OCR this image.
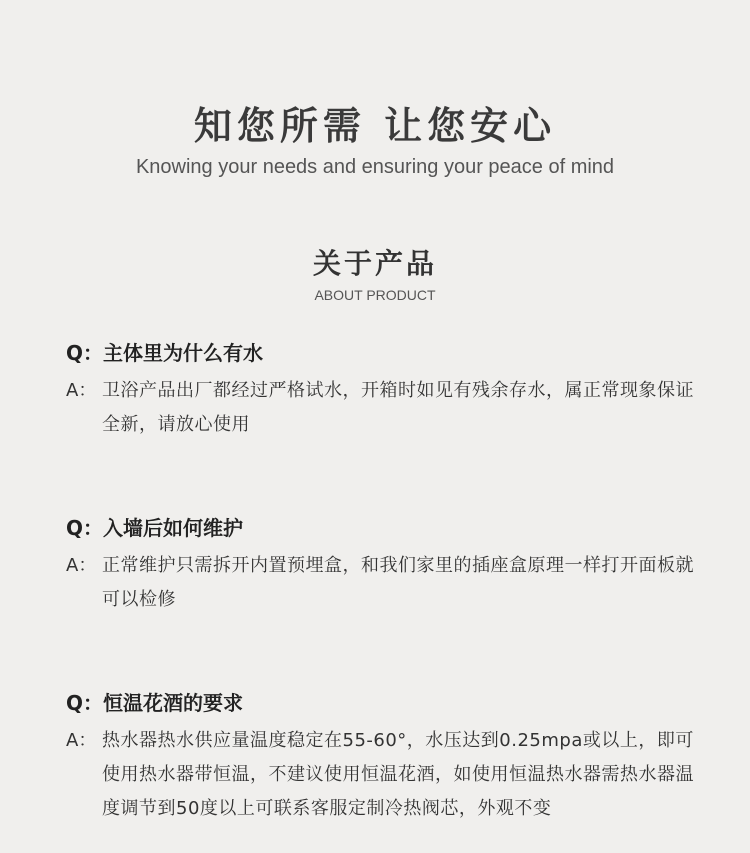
知您所需 让您安心
Knowing your needs and ensuring your peace of mind
关于产品
ABOUT PRODUCT
Q：主体里为什么有水
A： 卫浴产品出厂都经过严格试水，开箱时如见有残余存水，属正常现象保证全新，请放心使用
Q：入墙后如何维护
A： 正常维护只需拆开内置预埋盒，和我们家里的插座盒原理一样打开面板就可以检修
Q：恒温花酒的要求
A： 热水器热水供应量温度稳定在55-60°，水压达到0.25mpa或以上，即可使用热水器带恒温，不建议使用恒温花酒，如使用恒温热水器需热水器温度调节到50度以上可联系客服定制冷热阀芯，外观不变
